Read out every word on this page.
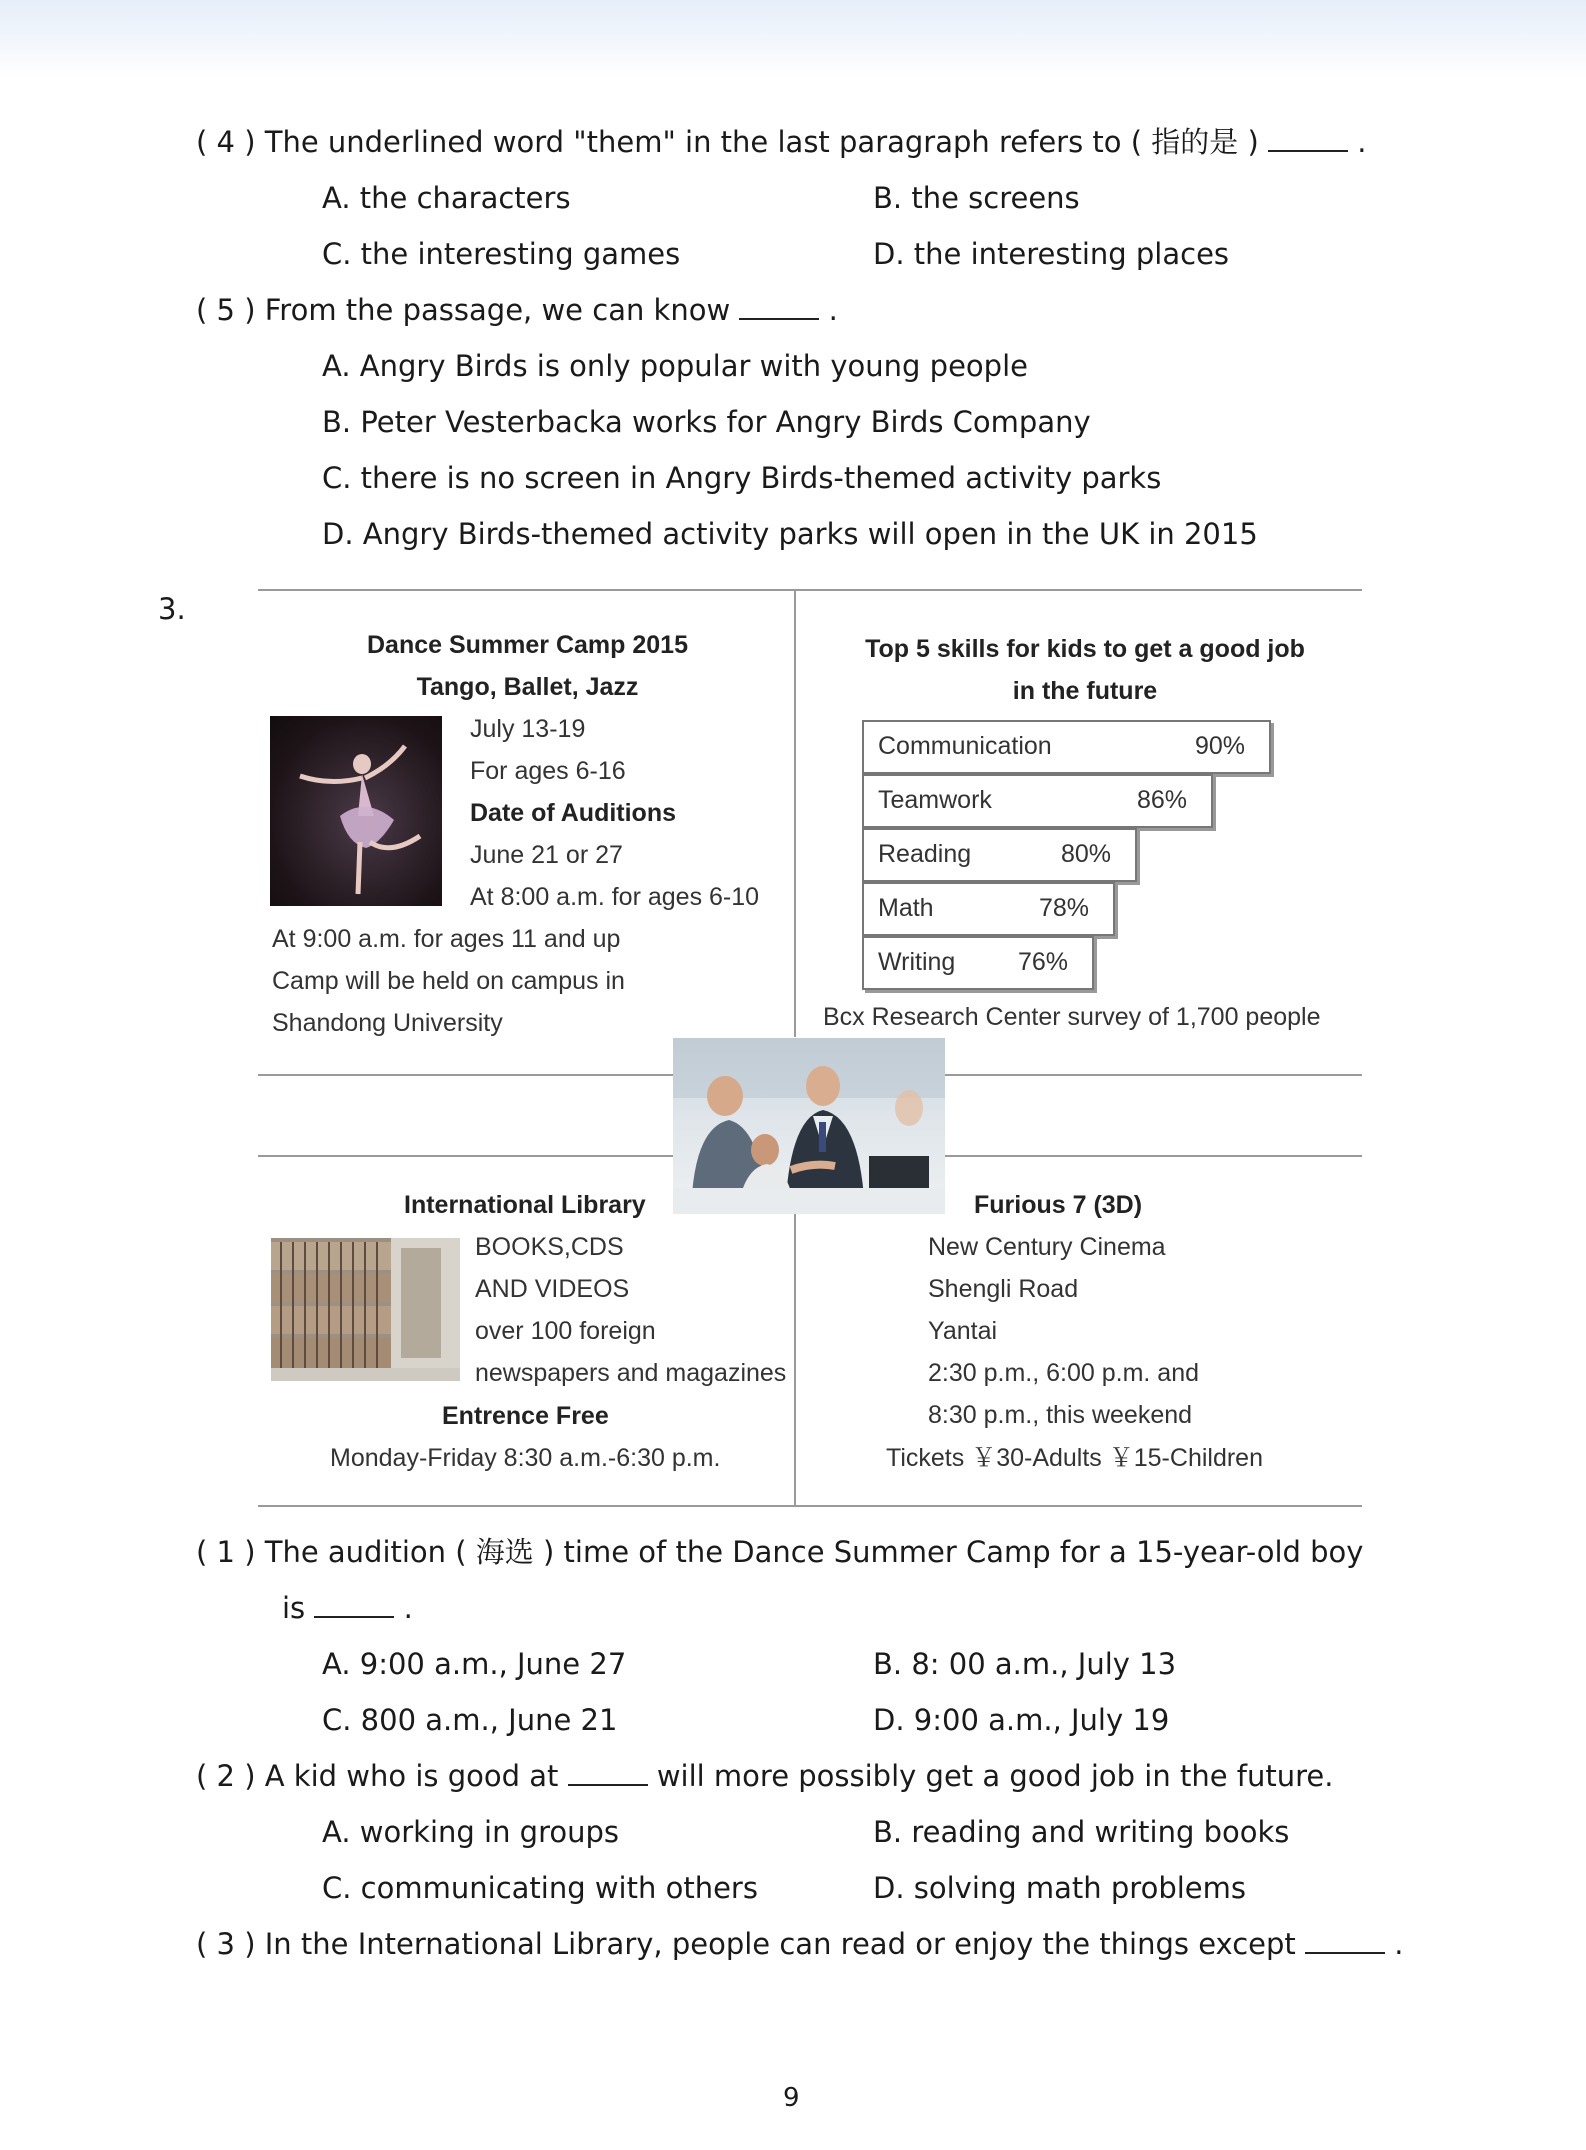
( 4 ) The underlined word "them" in the last paragraph refers to ( 指的是 )	.
A. the characters	B. the screens
C. the interesting games	D. the interesting places
( 5 ) From the passage, we can know	.
A. Angry Birds is only popular with young people
B. Peter Vesterbacka works for Angry Birds Company
C. there is no screen in Angry Birds-themed activity parks
D. Angry Birds-themed activity parks will open in the UK in 2015
3.
Dance Summer Camp 2015
Tango, Ballet, Jazz
July 13-19
For ages 6-16
Date of Auditions
June 21 or 27
At 8:00 a.m. for ages 6-10
At 9:00 a.m. for ages 11 and up
Camp will be held on campus in
Shandong University
Top 5 skills for kids to get a good job
in the future
Communication	90%
Teamwork	86%
Reading	80%
Math	78%
Writing	76%
Bcx Research Center survey of 1,700 people
International Library
BOOKS,CDS
AND VIDEOS
over 100 foreign
newspapers and magazines
Entrence Free
Monday-Friday 8:30 a.m.-6:30 p.m.
Furious 7 (3D)
New Century Cinema
Shengli Road
Yantai
2:30 p.m., 6:00 p.m. and
8:30 p.m., this weekend
Tickets ￥30-Adults ￥15-Children
( 1 ) The audition ( 海选 ) time of the Dance Summer Camp for a 15-year-old boy
is	.
A. 9:00 a.m., June 27	B. 8: 00 a.m., July 13
C. 800 a.m., June 21	D. 9:00 a.m., July 19
( 2 ) A kid who is good at	will more possibly get a good job in the future.
A. working in groups	B. reading and writing books
C. communicating with others	D. solving math problems
( 3 ) In the International Library, people can read or enjoy the things except	.
9
